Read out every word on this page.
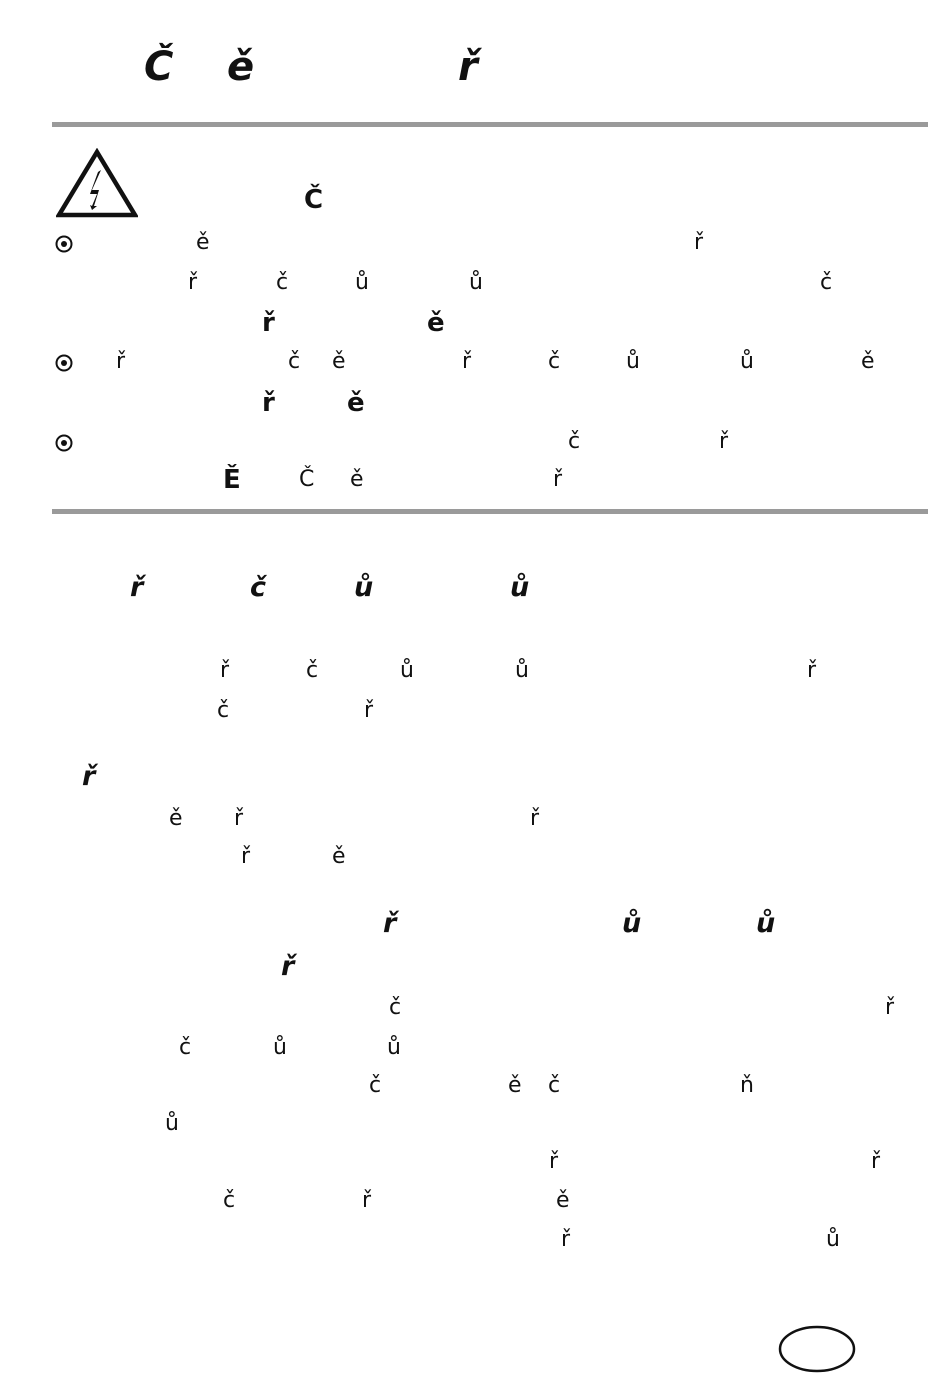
Č ě	ř
Č
ě	ř
ř	č	ů	ů	č
ř	ě
ř	č ě	ř	č	ů	ů	ě
ř	ě
č	ř
Ě	Č ě	ř
ř	č	ů	ů
ř	č	ů	ů	ř
č	ř
ř
ě ř	ř
ř	ě
ř	ů	ů
ř
č	ř
č	ů	ů
č	ě č	ň
ů
ř	ř
č	ř	ě
ř	ů
